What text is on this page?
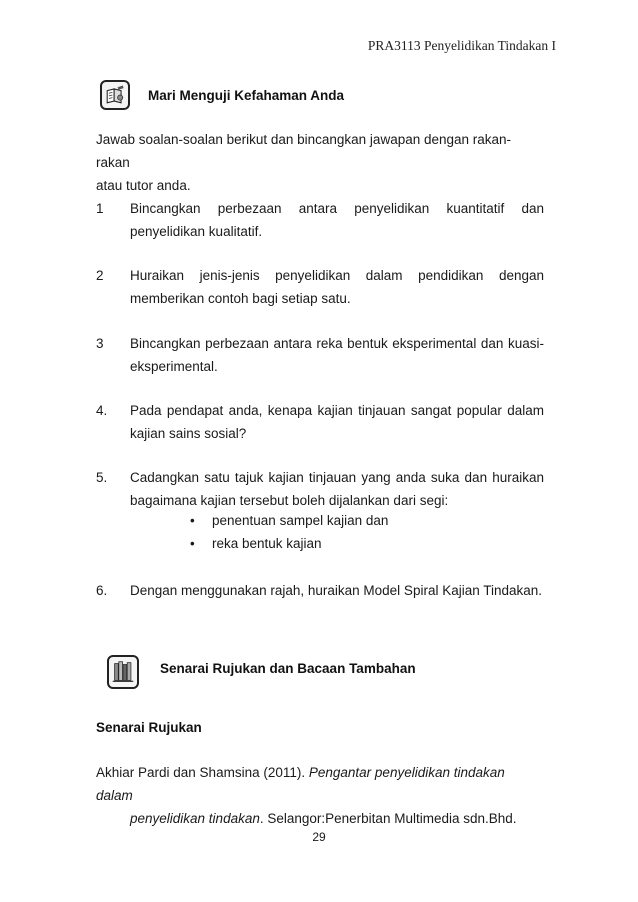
PRA3113 Penyelidikan Tindakan I
Mari Menguji Kefahaman Anda
Jawab soalan-soalan berikut dan bincangkan jawapan dengan rakan-rakan
atau tutor anda.
1 Bincangkan perbezaan antara penyelidikan kuantitatif dan penyelidikan kualitatif.
2 Huraikan jenis-jenis penyelidikan dalam pendidikan dengan memberikan contoh bagi setiap satu.
3 Bincangkan perbezaan antara reka bentuk eksperimental dan kuasi-eksperimental.
4. Pada pendapat anda, kenapa kajian tinjauan sangat popular dalam kajian sains sosial?
5. Cadangkan satu tajuk kajian tinjauan yang anda suka dan huraikan bagaimana kajian tersebut boleh dijalankan dari segi:
• penentuan sampel kajian dan
• reka bentuk kajian
6. Dengan menggunakan rajah, huraikan Model Spiral Kajian Tindakan.
Senarai Rujukan dan Bacaan Tambahan
Senarai Rujukan
Akhiar Pardi dan Shamsina (2011). Pengantar penyelidikan tindakan dalam
penyelidikan tindakan. Selangor:Penerbitan Multimedia sdn.Bhd.
29
